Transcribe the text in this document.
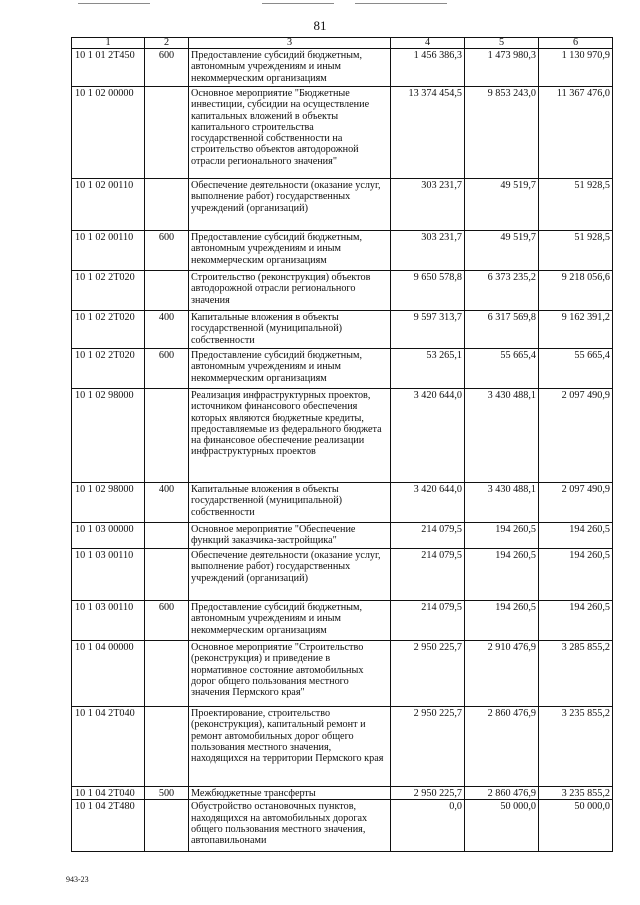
81
1	2	3	4	5	6
10 1 01 2Т450	600	Предоставление субсидий бюджетным, автономным учреждениям и иным некоммерческим организациям	1 456 386,3	1 473 980,3	1 130 970,9
10 1 02 00000		Основное мероприятие "Бюджетные инвестиции, субсидии на осуществление капитальных вложений в объекты капитального строительства государственной собственности на строительство объектов автодорожной отрасли регионального значения"	13 374 454,5	9 853 243,0	11 367 476,0
10 1 02 00110		Обеспечение деятельности (оказание услуг, выполнение работ) государственных учреждений (организаций)	303 231,7	49 519,7	51 928,5
10 1 02 00110	600	Предоставление субсидий бюджетным, автономным учреждениям и иным некоммерческим организациям	303 231,7	49 519,7	51 928,5
10 1 02 2Т020		Строительство (реконструкция) объектов автодорожной отрасли регионального значения	9 650 578,8	6 373 235,2	9 218 056,6
10 1 02 2Т020	400	Капитальные вложения в объекты государственной (муниципальной) собственности	9 597 313,7	6 317 569,8	9 162 391,2
10 1 02 2Т020	600	Предоставление субсидий бюджетным, автономным учреждениям и иным некоммерческим организациям	53 265,1	55 665,4	55 665,4
10 1 02 98000		Реализация инфраструктурных проектов, источником финансового обеспечения которых являются бюджетные кредиты, предоставляемые из федерального бюджета на финансовое обеспечение реализации инфраструктурных проектов	3 420 644,0	3 430 488,1	2 097 490,9
10 1 02 98000	400	Капитальные вложения в объекты государственной (муниципальной) собственности	3 420 644,0	3 430 488,1	2 097 490,9
10 1 03 00000		Основное мероприятие "Обеспечение функций заказчика-застройщика"	214 079,5	194 260,5	194 260,5
10 1 03 00110		Обеспечение деятельности (оказание услуг, выполнение работ) государственных учреждений (организаций)	214 079,5	194 260,5	194 260,5
10 1 03 00110	600	Предоставление субсидий бюджетным, автономным учреждениям и иным некоммерческим организациям	214 079,5	194 260,5	194 260,5
10 1 04 00000		Основное мероприятие "Строительство (реконструкция) и приведение в нормативное состояние автомобильных дорог общего пользования местного значения Пермского края"	2 950 225,7	2 910 476,9	3 285 855,2
10 1 04 2Т040		Проектирование, строительство (реконструкция), капитальный ремонт и ремонт автомобильных дорог общего пользования местного значения, находящихся на территории Пермского края	2 950 225,7	2 860 476,9	3 235 855,2
10 1 04 2Т040	500	Межбюджетные трансферты	2 950 225,7	2 860 476,9	3 235 855,2
10 1 04 2Т480		Обустройство остановочных пунктов, находящихся на автомобильных дорогах общего пользования местного значения, автопавильонами	0,0	50 000,0	50 000,0
943-23
